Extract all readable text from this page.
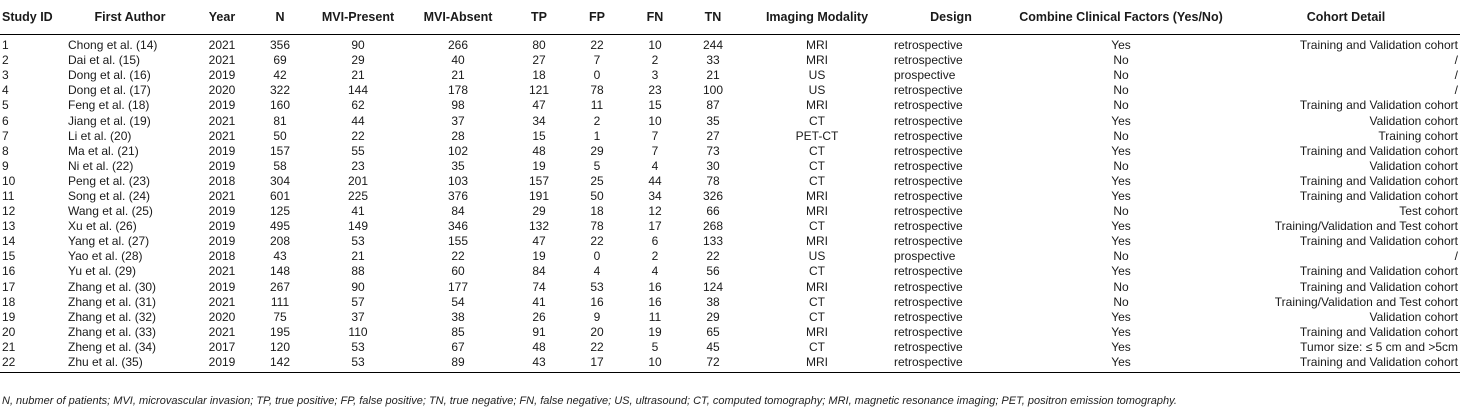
Study ID	First Author	Year	N	MVI-Present	MVI-Absent	TP	FP	FN	TN	Imaging Modality	Design	Combine Clinical Factors (Yes/No)	Cohort Detail
1	Chong et al. (14)	2021	356	90	266	80	22	10	244	MRI	retrospective	Yes	Training and Validation cohort
2	Dai et al. (15)	2021	69	29	40	27	7	2	33	MRI	retrospective	No	/
3	Dong et al. (16)	2019	42	21	21	18	0	3	21	US	prospective	No	/
4	Dong et al. (17)	2020	322	144	178	121	78	23	100	US	retrospective	No	/
5	Feng et al. (18)	2019	160	62	98	47	11	15	87	MRI	retrospective	No	Training and Validation cohort
6	Jiang et al. (19)	2021	81	44	37	34	2	10	35	CT	retrospective	Yes	Validation cohort
7	Li et al. (20)	2021	50	22	28	15	1	7	27	PET-CT	retrospective	No	Training cohort
8	Ma et al. (21)	2019	157	55	102	48	29	7	73	CT	retrospective	Yes	Training and Validation cohort
9	Ni et al. (22)	2019	58	23	35	19	5	4	30	CT	retrospective	No	Validation cohort
10	Peng et al. (23)	2018	304	201	103	157	25	44	78	CT	retrospective	Yes	Training and Validation cohort
11	Song et al. (24)	2021	601	225	376	191	50	34	326	MRI	retrospective	Yes	Training and Validation cohort
12	Wang et al. (25)	2019	125	41	84	29	18	12	66	MRI	retrospective	No	Test cohort
13	Xu et al. (26)	2019	495	149	346	132	78	17	268	CT	retrospective	Yes	Training/Validation and Test cohort
14	Yang et al. (27)	2019	208	53	155	47	22	6	133	MRI	retrospective	Yes	Training and Validation cohort
15	Yao et al. (28)	2018	43	21	22	19	0	2	22	US	prospective	No	/
16	Yu et al. (29)	2021	148	88	60	84	4	4	56	CT	retrospective	Yes	Training and Validation cohort
17	Zhang et al. (30)	2019	267	90	177	74	53	16	124	MRI	retrospective	No	Training and Validation cohort
18	Zhang et al. (31)	2021	111	57	54	41	16	16	38	CT	retrospective	No	Training/Validation and Test cohort
19	Zhang et al. (32)	2020	75	37	38	26	9	11	29	CT	retrospective	Yes	Validation cohort
20	Zhang et al. (33)	2021	195	110	85	91	20	19	65	MRI	retrospective	Yes	Training and Validation cohort
21	Zheng et al. (34)	2017	120	53	67	48	22	5	45	CT	retrospective	Yes	Tumor size: ≤ 5 cm and >5cm
22	Zhu et al. (35)	2019	142	53	89	43	17	10	72	MRI	retrospective	Yes	Training and Validation cohort
N, nubmer of patients; MVI, microvascular invasion; TP, true positive; FP, false positive; TN, true negative; FN, false negative; US, ultrasound; CT, computed tomography; MRI, magnetic resonance imaging; PET, positron emission tomography.
